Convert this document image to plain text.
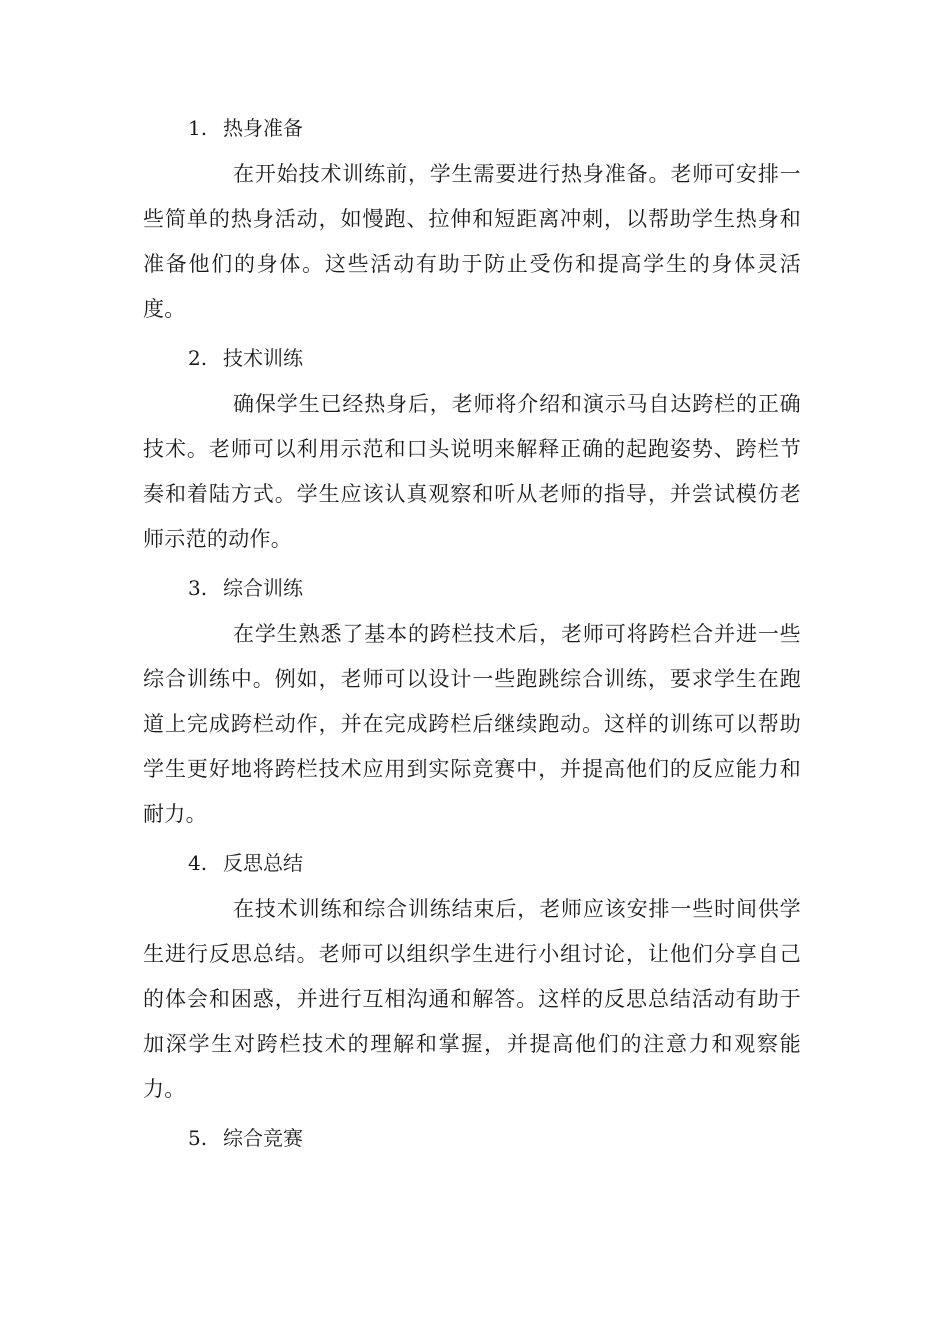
1. 热身准备

在开始技术训练前，学生需要进行热身准备。老师可安排一些简单的热身活动，如慢跑、拉伸和短距离冲刺，以帮助学生热身和准备他们的身体。这些活动有助于防止受伤和提高学生的身体灵活度。

2. 技术训练

确保学生已经热身后，老师将介绍和演示马自达跨栏的正确技术。老师可以利用示范和口头说明来解释正确的起跑姿势、跨栏节奏和着陆方式。学生应该认真观察和听从老师的指导，并尝试模仿老师示范的动作。

3. 综合训练

在学生熟悉了基本的跨栏技术后，老师可将跨栏合并进一些综合训练中。例如，老师可以设计一些跑跳综合训练，要求学生在跑道上完成跨栏动作，并在完成跨栏后继续跑动。这样的训练可以帮助学生更好地将跨栏技术应用到实际竞赛中，并提高他们的反应能力和耐力。

4. 反思总结

在技术训练和综合训练结束后，老师应该安排一些时间供学生进行反思总结。老师可以组织学生进行小组讨论，让他们分享自己的体会和困惑，并进行互相沟通和解答。这样的反思总结活动有助于加深学生对跨栏技术的理解和掌握，并提高他们的注意力和观察能力。

5. 综合竞赛
